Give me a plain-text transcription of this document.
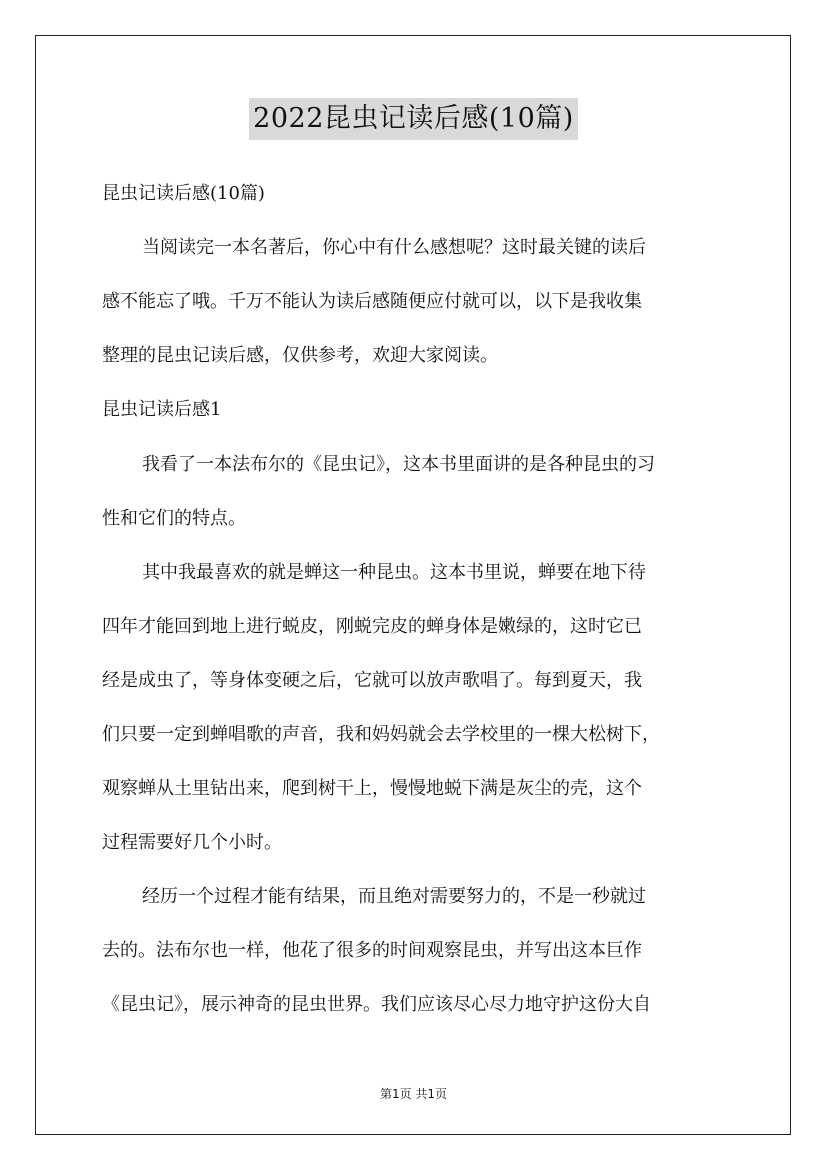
2022昆虫记读后感(10篇)
昆虫记读后感(10篇)
当阅读完一本名著后，你心中有什么感想呢？这时最关键的读后
感不能忘了哦。千万不能认为读后感随便应付就可以，以下是我收集
整理的昆虫记读后感，仅供参考，欢迎大家阅读。
昆虫记读后感1
我看了一本法布尔的《昆虫记》，这本书里面讲的是各种昆虫的习
性和它们的特点。
其中我最喜欢的就是蝉这一种昆虫。这本书里说，蝉要在地下待
四年才能回到地上进行蜕皮，刚蜕完皮的蝉身体是嫩绿的，这时它已
经是成虫了，等身体变硬之后，它就可以放声歌唱了。每到夏天，我
们只要一定到蝉唱歌的声音，我和妈妈就会去学校里的一棵大松树下，
观察蝉从土里钻出来，爬到树干上，慢慢地蜕下满是灰尘的壳，这个
过程需要好几个小时。
经历一个过程才能有结果，而且绝对需要努力的，不是一秒就过
去的。法布尔也一样，他花了很多的时间观察昆虫，并写出这本巨作
《昆虫记》，展示神奇的昆虫世界。我们应该尽心尽力地守护这份大自
第1页 共1页
